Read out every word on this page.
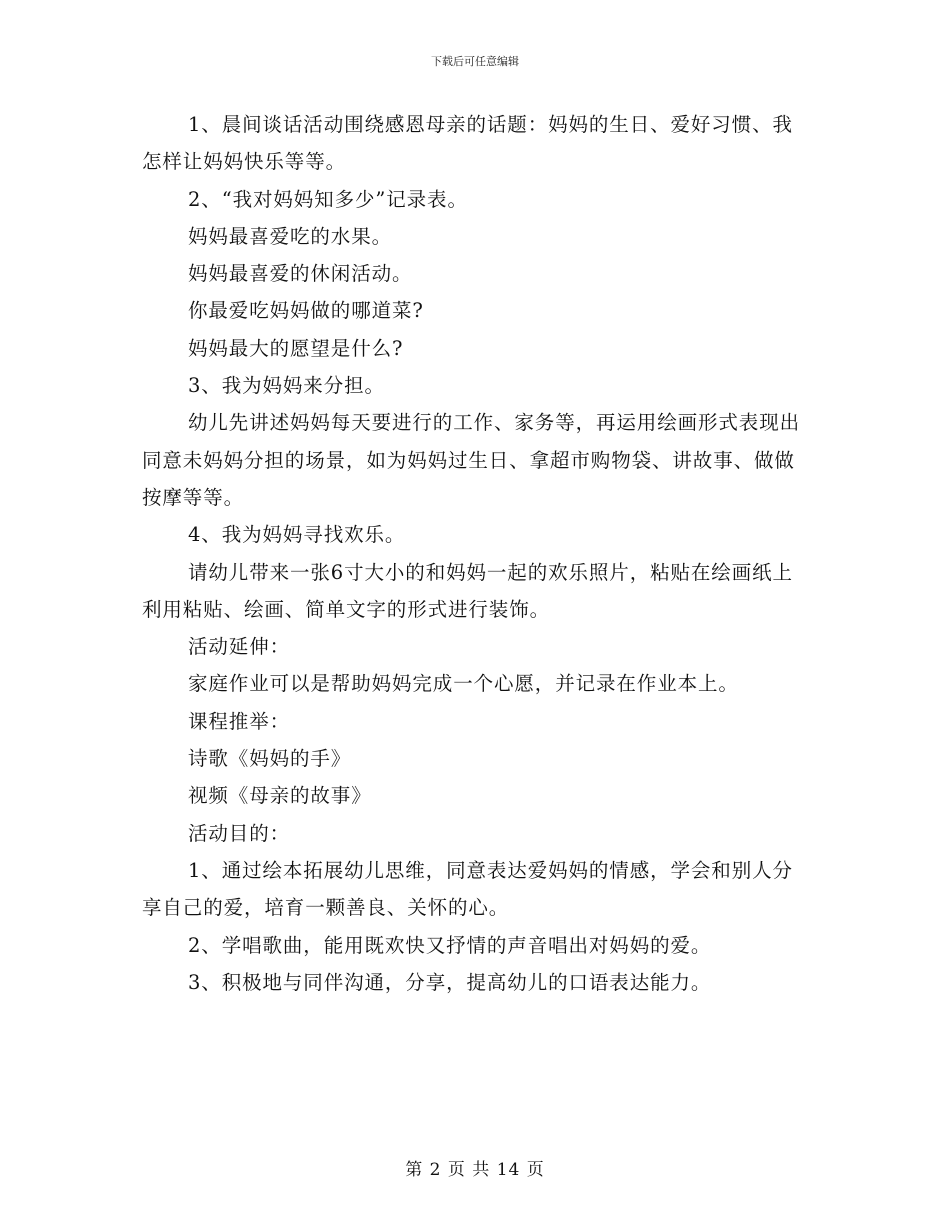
下载后可任意编辑

1、晨间谈话活动围绕感恩母亲的话题：妈妈的生日、爱好习惯、我怎样让妈妈快乐等等。

2、“我对妈妈知多少”记录表。

妈妈最喜爱吃的水果。

妈妈最喜爱的休闲活动。

你最爱吃妈妈做的哪道菜?

妈妈最大的愿望是什么?

3、我为妈妈来分担。

幼儿先讲述妈妈每天要进行的工作、家务等，再运用绘画形式表现出同意未妈妈分担的场景，如为妈妈过生日、拿超市购物袋、讲故事、做做按摩等等。

4、我为妈妈寻找欢乐。

请幼儿带来一张6寸大小的和妈妈一起的欢乐照片，粘贴在绘画纸上利用粘贴、绘画、简单文字的形式进行装饰。

活动延伸：

家庭作业可以是帮助妈妈完成一个心愿，并记录在作业本上。

课程推举：

诗歌《妈妈的手》

视频《母亲的故事》

活动目的：

1、通过绘本拓展幼儿思维，同意表达爱妈妈的情感，学会和别人分享自己的爱，培育一颗善良、关怀的心。

2、学唱歌曲，能用既欢快又抒情的声音唱出对妈妈的爱。

3、积极地与同伴沟通，分享，提高幼儿的口语表达能力。

第 2 页 共 14 页
